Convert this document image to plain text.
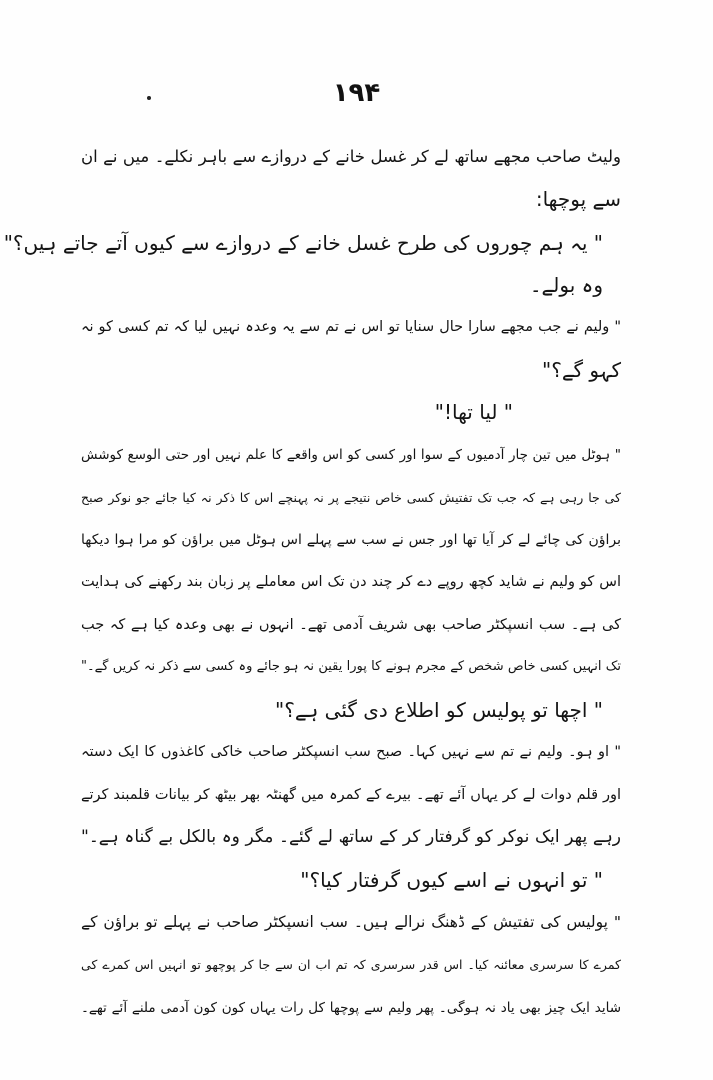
۱۹۴
ولیٹ صاحب مجھے ساتھ لے کر غسل خانے کے دروازے سے باہر نکلے۔ میں نے ان
سے پوچھا:
" یہ ہم چوروں کی طرح غسل خانے کے دروازے سے کیوں آتے جاتے ہیں؟"
وہ بولے۔
" ولیم نے جب مجھے سارا حال سنایا تو اس نے تم سے یہ وعدہ نہیں لیا کہ تم کسی کو نہ
کہو گے؟"
" لیا تھا!"
" ہوٹل میں تین چار آدمیوں کے سوا اور کسی کو اس واقعے کا علم نہیں اور حتی الوسع کوشش
کی جا رہی ہے کہ جب تک تفتیش کسی خاص نتیجے پر نہ پہنچے اس کا ذکر نہ کیا جائے جو نوکر صبح
براؤن کی چائے لے کر آیا تھا اور جس نے سب سے پہلے اس ہوٹل میں براؤن کو مرا ہوا دیکھا
اس کو ولیم نے شاید کچھ روپے دے کر چند دن تک اس معاملے پر زبان بند رکھنے کی ہدایت
کی ہے۔ سب انسپکٹر صاحب بھی شریف آدمی تھے۔ انہوں نے بھی وعدہ کیا ہے کہ جب
تک انہیں کسی خاص شخص کے مجرم ہونے کا پورا یقین نہ ہو جائے وہ کسی سے ذکر نہ کریں گے۔"
" اچھا تو پولیس کو اطلاع دی گئی ہے؟"
" او ہو۔ ولیم نے تم سے نہیں کہا۔ صبح سب انسپکٹر صاحب خاکی کاغذوں کا ایک دستہ
اور قلم دوات لے کر یہاں آئے تھے۔ بیرے کے کمرہ میں گھنٹہ بھر بیٹھ کر بیانات قلمبند کرتے
رہے پھر ایک نوکر کو گرفتار کر کے ساتھ لے گئے۔ مگر وہ بالکل بے گناہ ہے۔"
" تو انہوں نے اسے کیوں گرفتار کیا؟"
" پولیس کی تفتیش کے ڈھنگ نرالے ہیں۔ سب انسپکٹر صاحب نے پہلے تو براؤن کے
کمرے کا سرسری معائنہ کیا۔ اس قدر سرسری کہ تم اب ان سے جا کر پوچھو تو انہیں اس کمرے کی
شاید ایک چیز بھی یاد نہ ہوگی۔ پھر ولیم سے پوچھا کل رات یہاں کون کون آدمی ملنے آئے تھے۔
